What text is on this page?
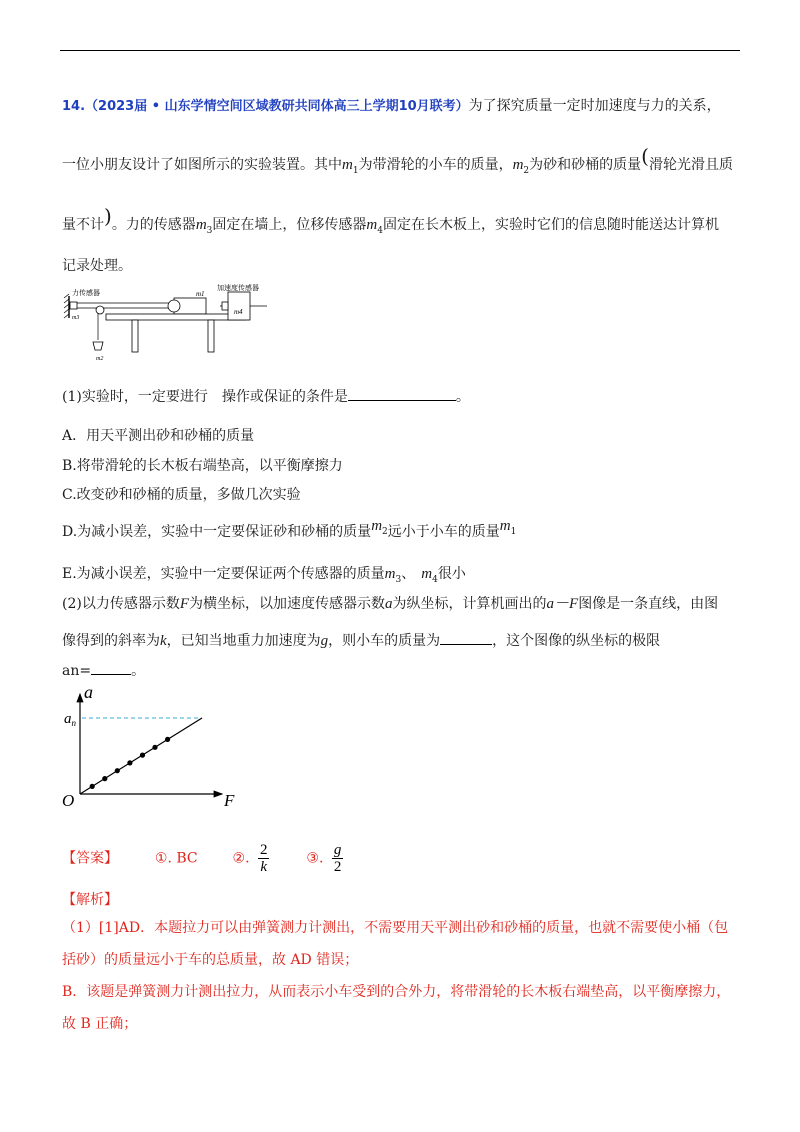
14.（2023届 • 山东学情空间区域教研共同体高三上学期10月联考）为了探究质量一定时加速度与力的关系，
一位小朋友设计了如图所示的实验装置。其中$m_1$为带滑轮的小车的质量，$m_2$为砂和砂桶的质量(滑轮光滑且质
量不计)。力的传感器$m_3$固定在墙上，位移传感器$m_4$固定在长木板上，实验时它们的信息随时能送达计算机
记录处理。
力传感器
m3
m1
加速度传感器
m4
m2
(1)实验时，一定要进行 操作或保证的条件是	。
A．用天平测出砂和砂桶的质量
B.将带滑轮的长木板右端垫高，以平衡摩擦力
C.改变砂和砂桶的质量，多做几次实验
D.为减小误差，实验中一定要保证砂和砂桶的质量$m_2$远小于小车的质量$m_1$
E.为减小误差，实验中一定要保证两个传感器的质量$m_3$、 $m_4$很小
(2)以力传感器示数F为横坐标，以加速度传感器示数a为纵坐标，计算机画出的a－F图像是一条直线，由图
像得到的斜率为k，已知当地重力加速度为g，则小车的质量为	，这个图像的纵坐标的极限
an=	。
a
F
O
$a_n$
【答案】	①. BC ②. $\frac{2}{k}$	③. $\frac{g}{2}$
【解析】
（1）[1]AD．本题拉力可以由弹簧测力计测出，不需要用天平测出砂和砂桶的质量，也就不需要使小桶（包
括砂）的质量远小于车的总质量，故 AD 错误；
B．该题是弹簧测力计测出拉力，从而表示小车受到的合外力，将带滑轮的长木板右端垫高，以平衡摩擦力，
故 B 正确；
